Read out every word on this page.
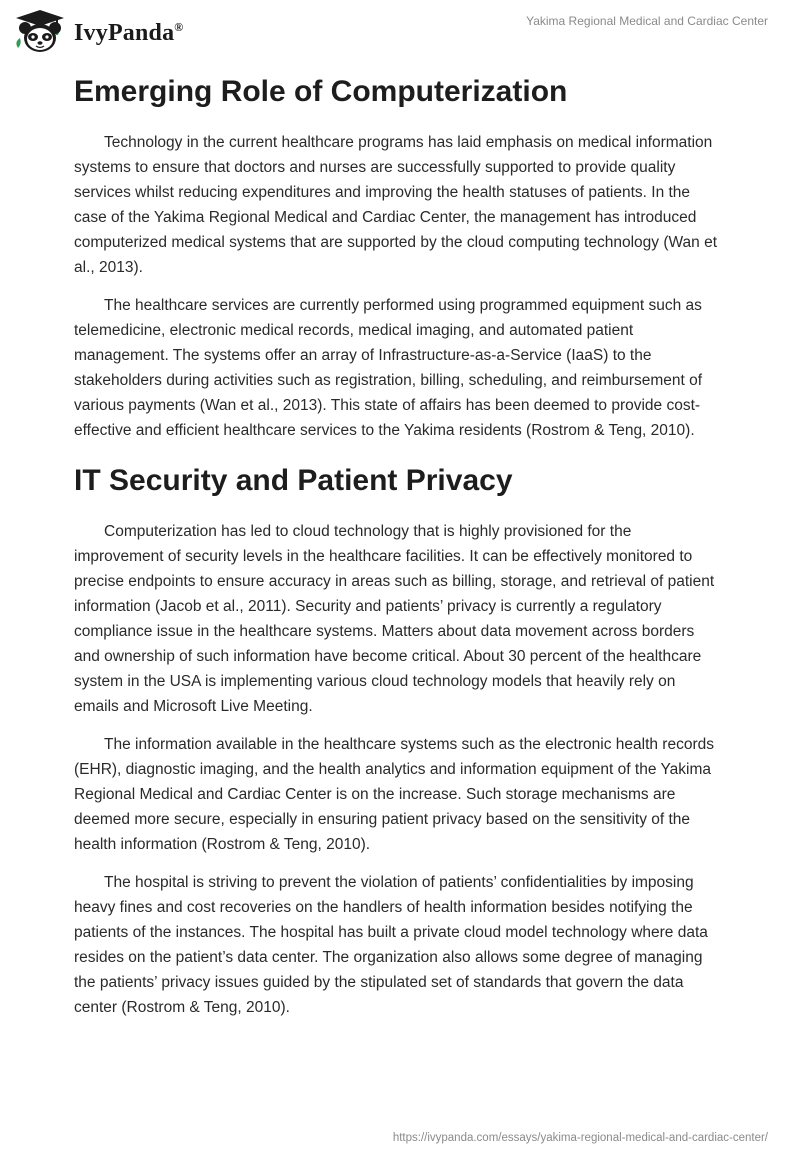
IvyPanda®	Yakima Regional Medical and Cardiac Center
Emerging Role of Computerization

Technology in the current healthcare programs has laid emphasis on medical information systems to ensure that doctors and nurses are successfully supported to provide quality services whilst reducing expenditures and improving the health statuses of patients. In the case of the Yakima Regional Medical and Cardiac Center, the management has introduced computerized medical systems that are supported by the cloud computing technology (Wan et al., 2013).

The healthcare services are currently performed using programmed equipment such as telemedicine, electronic medical records, medical imaging, and automated patient management. The systems offer an array of Infrastructure-as-a-Service (IaaS) to the stakeholders during activities such as registration, billing, scheduling, and reimbursement of various payments (Wan et al., 2013). This state of affairs has been deemed to provide cost-effective and efficient healthcare services to the Yakima residents (Rostrom & Teng, 2010).

IT Security and Patient Privacy

Computerization has led to cloud technology that is highly provisioned for the improvement of security levels in the healthcare facilities. It can be effectively monitored to precise endpoints to ensure accuracy in areas such as billing, storage, and retrieval of patient information (Jacob et al., 2011). Security and patients’ privacy is currently a regulatory compliance issue in the healthcare systems. Matters about data movement across borders and ownership of such information have become critical. About 30 percent of the healthcare system in the USA is implementing various cloud technology models that heavily rely on emails and Microsoft Live Meeting.

The information available in the healthcare systems such as the electronic health records (EHR), diagnostic imaging, and the health analytics and information equipment of the Yakima Regional Medical and Cardiac Center is on the increase. Such storage mechanisms are deemed more secure, especially in ensuring patient privacy based on the sensitivity of the health information (Rostrom & Teng, 2010).

The hospital is striving to prevent the violation of patients’ confidentialities by imposing heavy fines and cost recoveries on the handlers of health information besides notifying the patients of the instances. The hospital has built a private cloud model technology where data resides on the patient’s data center. The organization also allows some degree of managing the patients’ privacy issues guided by the stipulated set of standards that govern the data center (Rostrom & Teng, 2010).

https://ivypanda.com/essays/yakima-regional-medical-and-cardiac-center/
